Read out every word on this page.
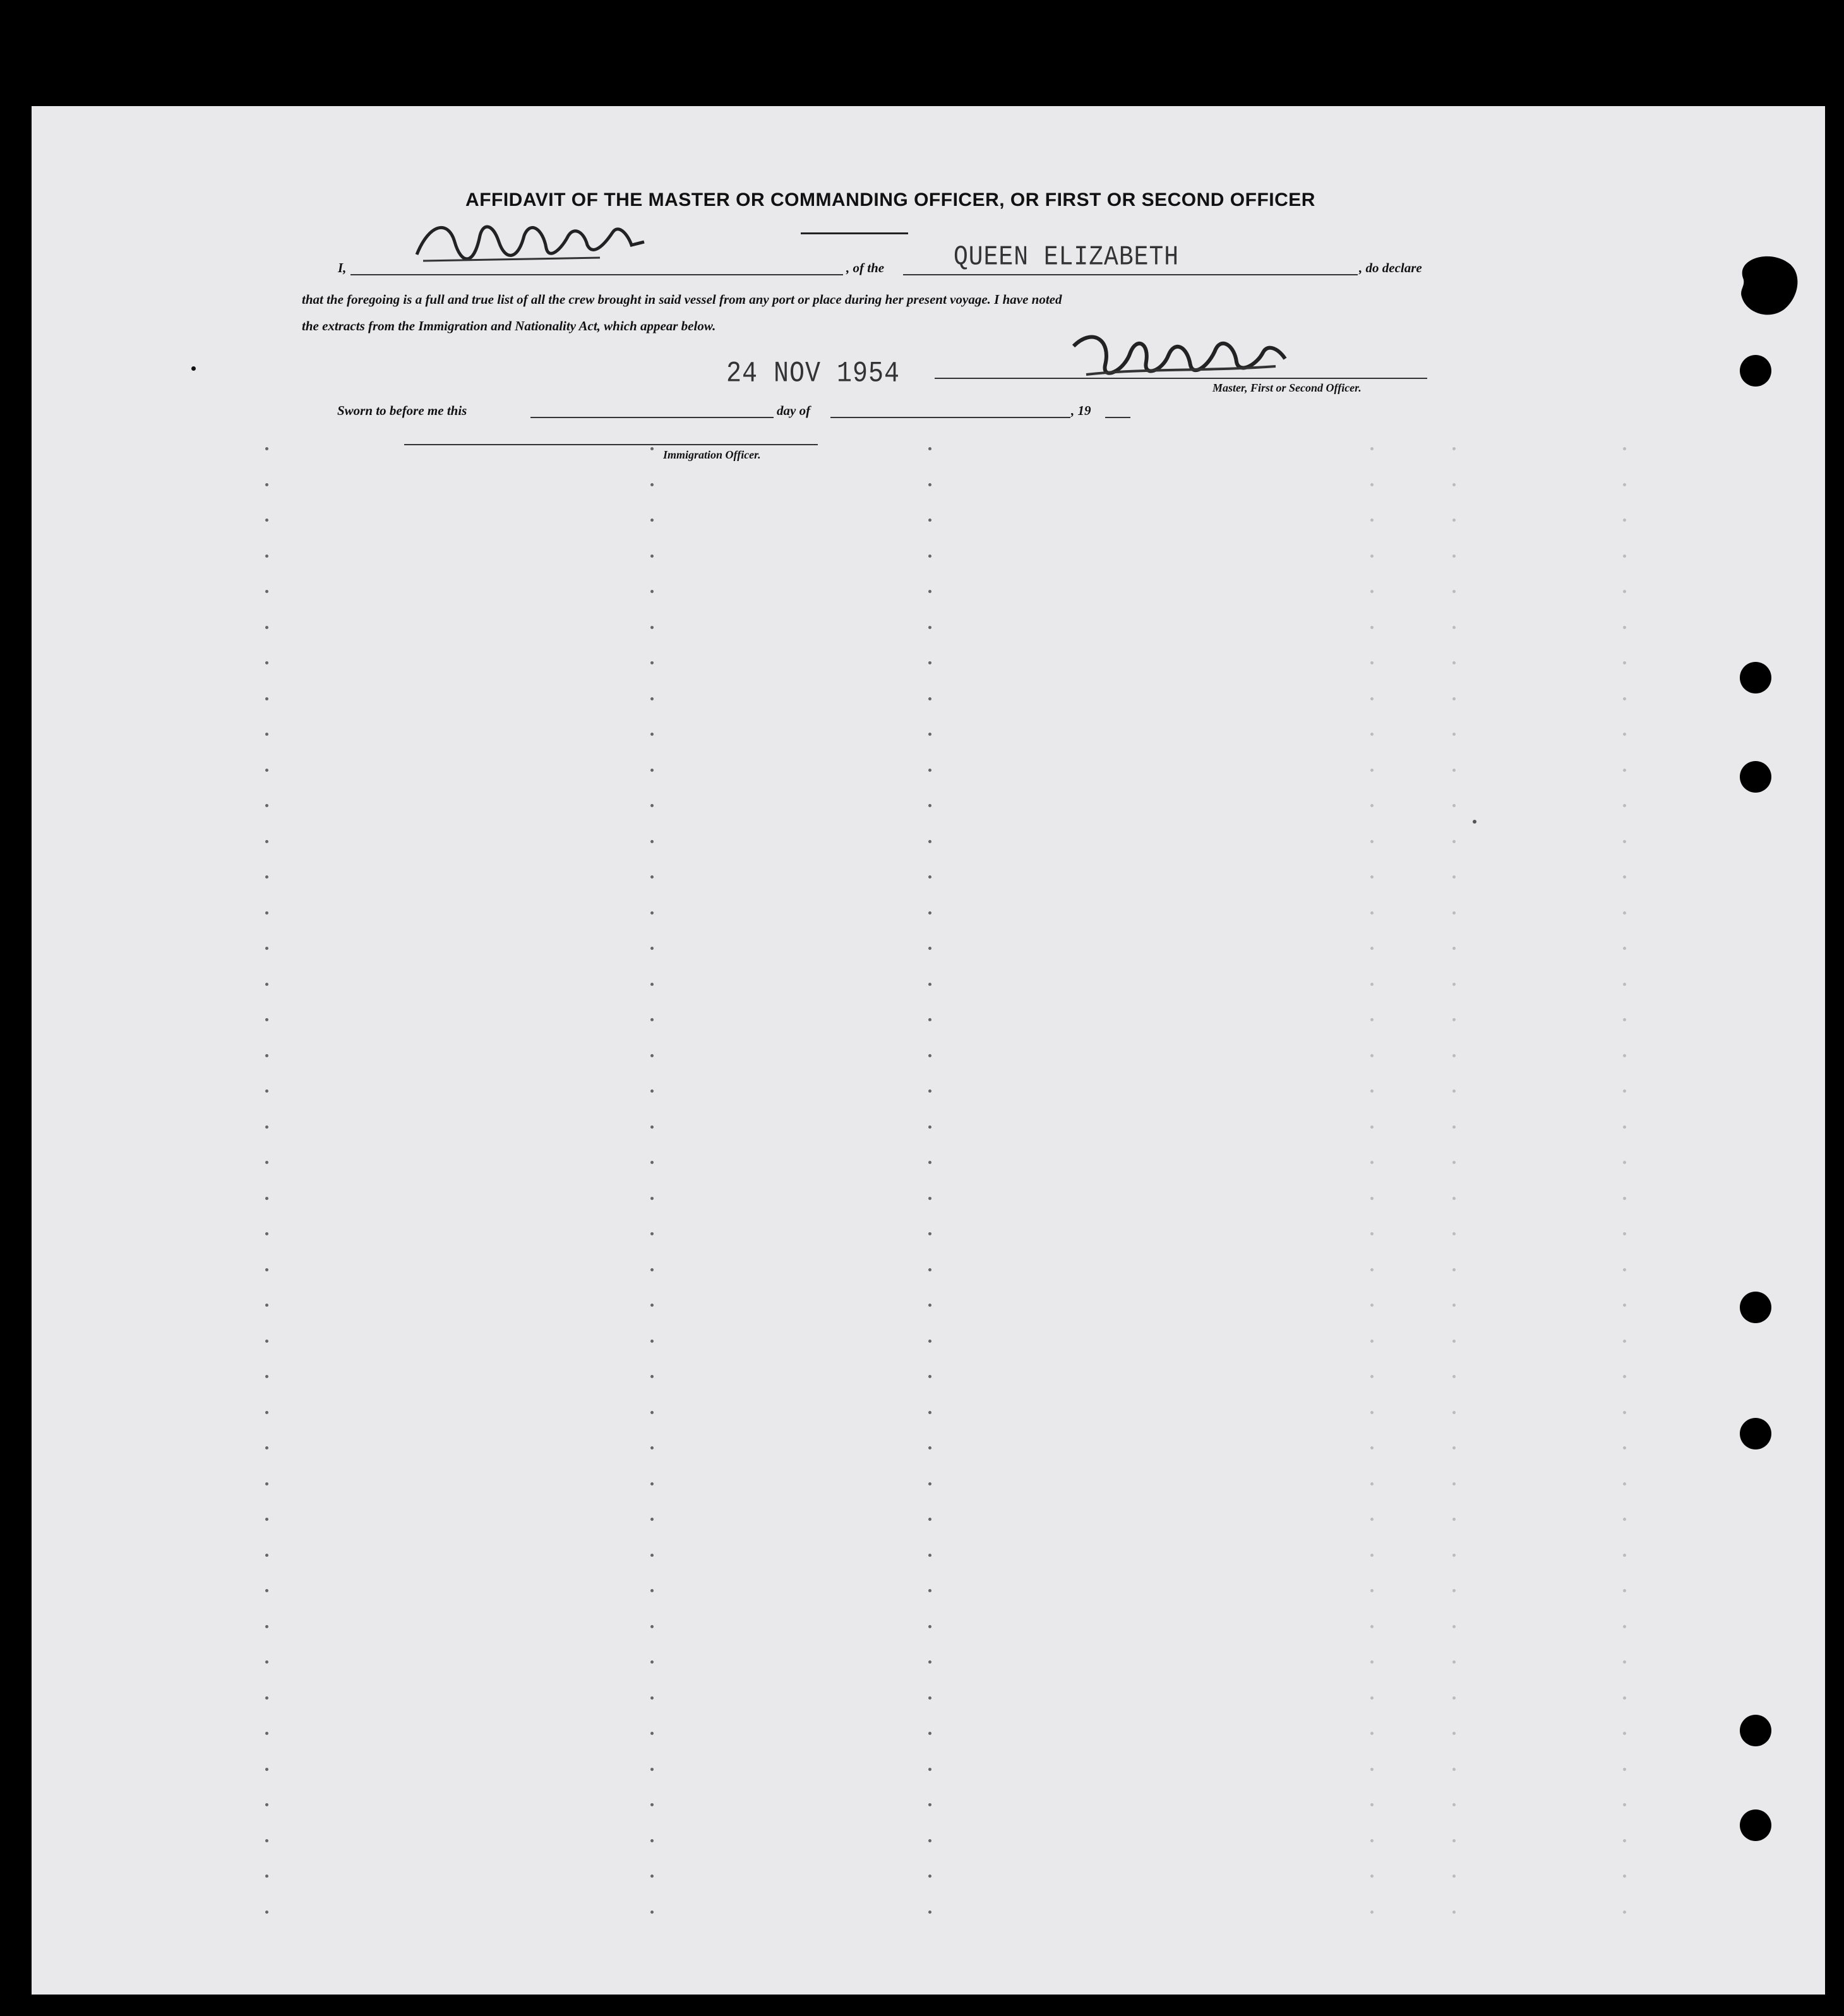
AFFIDAVIT OF THE MASTER OR COMMANDING OFFICER, OR FIRST OR SECOND OFFICER
I,	, of the	QUEEN ELIZABETH	, do declare
that the foregoing is a full and true list of all the crew brought in said vessel from any port or place during her present voyage. I have noted
the extracts from the Immigration and Nationality Act, which appear below.
24 NOV 1954	Master, First or Second Officer.
Sworn to before me this	day of	, 19
Immigration Officer.
